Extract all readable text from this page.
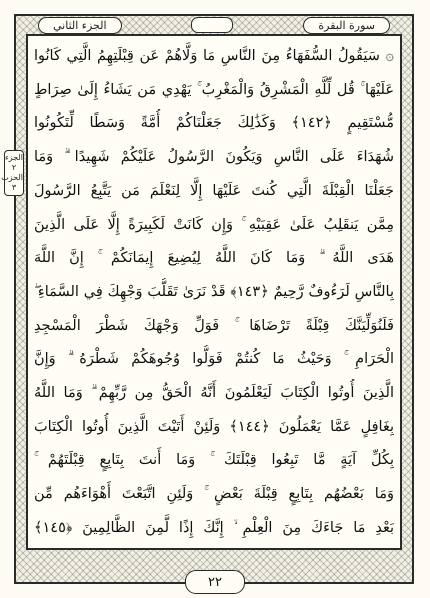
الجزء الثاني	سورة البقرة
الجزء ٢ الحزب ٣
۞ سَيَقُولُ السُّفَهَاءُ مِنَ النَّاسِ مَا وَلَّاهُمْ عَن قِبْلَتِهِمُ الَّتِي كَانُوا
عَلَيْهَا ۚ قُل لِّلَّهِ الْمَشْرِقُ وَالْمَغْرِبُ ۚ يَهْدِي مَن يَشَاءُ إِلَىٰ صِرَاطٍ
مُّسْتَقِيمٍ ﴿١٤٢﴾ وَكَذَٰلِكَ جَعَلْنَاكُمْ أُمَّةً وَسَطًا لِّتَكُونُوا
شُهَدَاءَ عَلَى النَّاسِ وَيَكُونَ الرَّسُولُ عَلَيْكُمْ شَهِيدًا ۗ وَمَا
جَعَلْنَا الْقِبْلَةَ الَّتِي كُنتَ عَلَيْهَا إِلَّا لِنَعْلَمَ مَن يَتَّبِعُ الرَّسُولَ
مِمَّن يَنقَلِبُ عَلَىٰ عَقِبَيْهِ ۚ وَإِن كَانَتْ لَكَبِيرَةً إِلَّا عَلَى الَّذِينَ
هَدَى اللَّهُ ۗ وَمَا كَانَ اللَّهُ لِيُضِيعَ إِيمَانَكُمْ ۚ إِنَّ اللَّهَ
بِالنَّاسِ لَرَءُوفٌ رَّحِيمٌ ﴿١٤٣﴾ قَدْ نَرَىٰ تَقَلُّبَ وَجْهِكَ فِي السَّمَاءِ ۖ
فَلَنُوَلِّيَنَّكَ قِبْلَةً تَرْضَاهَا ۚ فَوَلِّ وَجْهَكَ شَطْرَ الْمَسْجِدِ
الْحَرَامِ ۚ وَحَيْثُ مَا كُنتُمْ فَوَلُّوا وُجُوهَكُمْ شَطْرَهُ ۗ وَإِنَّ
الَّذِينَ أُوتُوا الْكِتَابَ لَيَعْلَمُونَ أَنَّهُ الْحَقُّ مِن رَّبِّهِمْ ۗ وَمَا اللَّهُ
بِغَافِلٍ عَمَّا يَعْمَلُونَ ﴿١٤٤﴾ وَلَئِنْ أَتَيْتَ الَّذِينَ أُوتُوا الْكِتَابَ
بِكُلِّ آيَةٍ مَّا تَبِعُوا قِبْلَتَكَ ۚ وَمَا أَنتَ بِتَابِعٍ قِبْلَتَهُمْ ۚ
وَمَا بَعْضُهُم بِتَابِعٍ قِبْلَةَ بَعْضٍ ۚ وَلَئِنِ اتَّبَعْتَ أَهْوَاءَهُم مِّن
بَعْدِ مَا جَاءَكَ مِنَ الْعِلْمِ ۙ إِنَّكَ إِذًا لَّمِنَ الظَّالِمِينَ ﴿١٤٥﴾
٢٢
